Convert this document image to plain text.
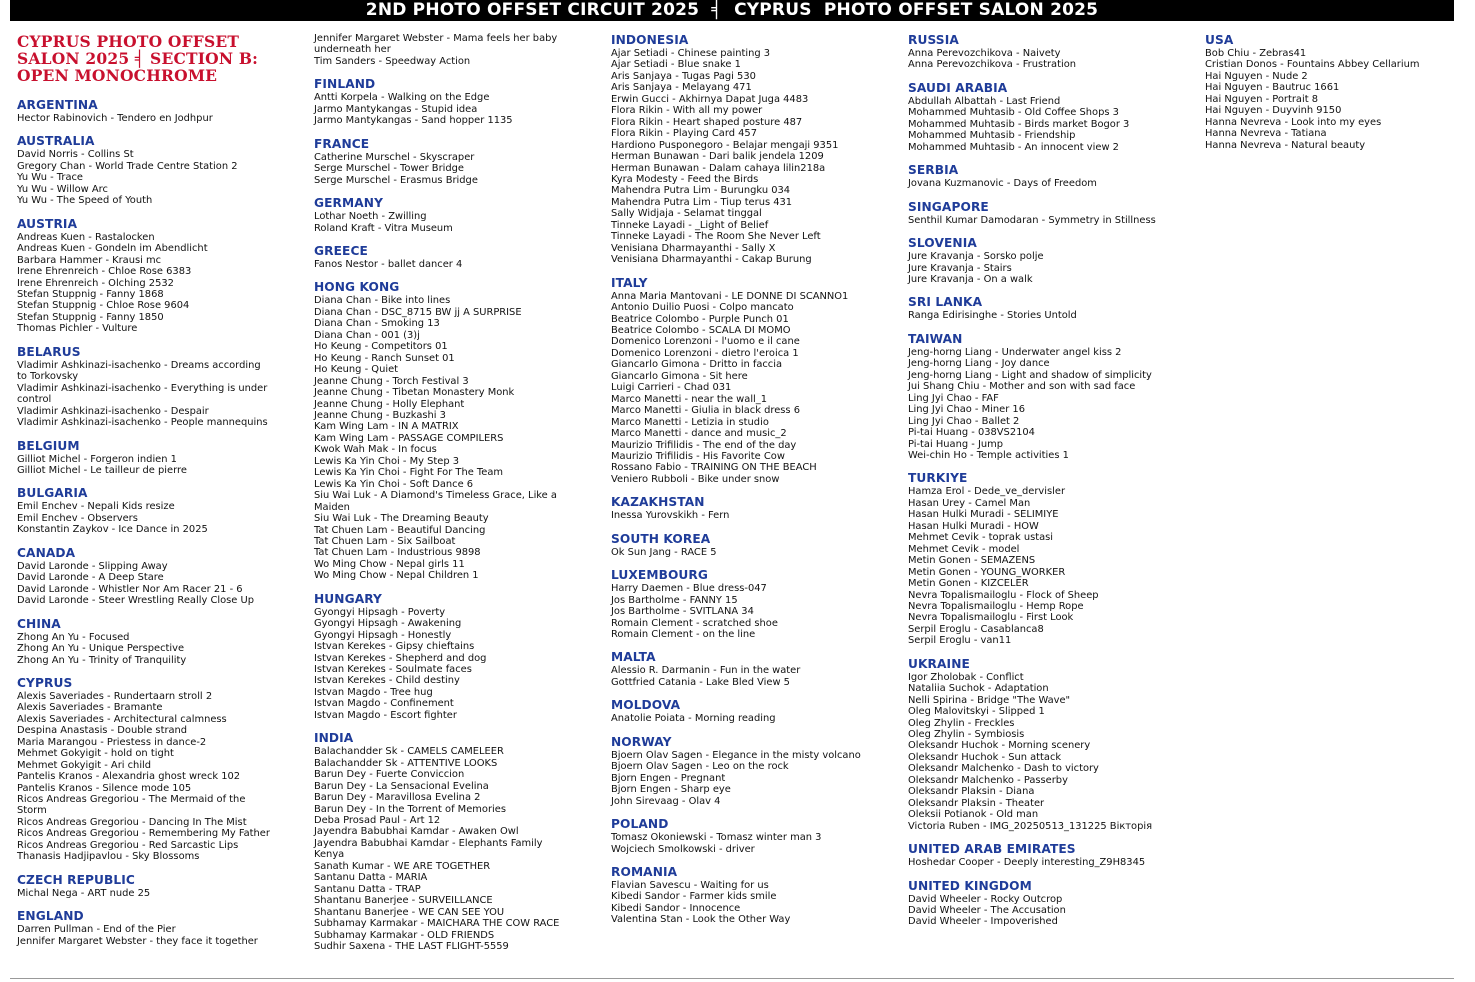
2ND PHOTO OFFSET CIRCUIT 2025  ╡  CYPRUS  PHOTO OFFSET SALON 2025
CYPRUS PHOTO OFFSET
SALON 2025 ╡ SECTION B:
OPEN MONOCHROME
ARGENTINA
Hector Rabinovich - Tendero en Jodhpur
AUSTRALIA
David Norris - Collins St
Gregory Chan - World Trade Centre Station 2
Yu Wu - Trace
Yu Wu - Willow Arc
Yu Wu - The Speed of Youth
AUSTRIA
Andreas Kuen - Rastalocken
Andreas Kuen - Gondeln im Abendlicht
Barbara Hammer - Krausi mc
Irene Ehrenreich - Chloe Rose 6383
Irene Ehrenreich - Olching 2532
Stefan Stuppnig - Fanny 1868
Stefan Stuppnig - Chloe Rose 9604
Stefan Stuppnig - Fanny 1850
Thomas Pichler - Vulture
BELARUS
Vladimir Ashkinazi-isachenko - Dreams according
to Torkovsky
Vladimir Ashkinazi-isachenko - Everything is under
control
Vladimir Ashkinazi-isachenko - Despair
Vladimir Ashkinazi-isachenko - People mannequins
BELGIUM
Gilliot Michel - Forgeron indien 1
Gilliot Michel - Le tailleur de pierre
BULGARIA
Emil Enchev - Nepali Kids resize
Emil Enchev - Observers
Konstantin Zaykov - Ice Dance in 2025
CANADA
David Laronde - Slipping Away
David Laronde - A Deep Stare
David Laronde - Whistler Nor Am Racer 21 - 6
David Laronde - Steer Wrestling Really Close Up
CHINA
Zhong An Yu - Focused
Zhong An Yu - Unique Perspective
Zhong An Yu - Trinity of Tranquility
CYPRUS
Alexis Saveriades - Rundertaarn stroll 2
Alexis Saveriades - Bramante
Alexis Saveriades - Architectural calmness
Despina Anastasis - Double strand
Maria Marangou - Priestess in dance-2
Mehmet Gokyigit - hold on tight
Mehmet Gokyigit - Ari child
Pantelis Kranos - Alexandria ghost wreck 102
Pantelis Kranos - Silence mode 105
Ricos Andreas Gregoriou - The Mermaid of the
Storm
Ricos Andreas Gregoriou - Dancing In The Mist
Ricos Andreas Gregoriou - Remembering My Father
Ricos Andreas Gregoriou - Red Sarcastic Lips
Thanasis Hadjipavlou - Sky Blossoms
CZECH REPUBLIC
Michal Nega - ART nude 25
ENGLAND
Darren Pullman - End of the Pier
Jennifer Margaret Webster - they face it together
Jennifer Margaret Webster - Mama feels her baby
underneath her
Tim Sanders - Speedway Action
FINLAND
Antti Korpela - Walking on the Edge
Jarmo Mantykangas - Stupid idea
Jarmo Mantykangas - Sand hopper 1135
FRANCE
Catherine Murschel - Skyscraper
Serge Murschel - Tower Bridge
Serge Murschel - Erasmus Bridge
GERMANY
Lothar Noeth - Zwilling
Roland Kraft - Vitra Museum
GREECE
Fanos Nestor - ballet dancer 4
HONG KONG
Diana Chan - Bike into lines
Diana Chan - DSC_8715 BW jj A SURPRISE
Diana Chan - Smoking 13
Diana Chan - 001 (3)j
Ho Keung - Competitors 01
Ho Keung - Ranch Sunset 01
Ho Keung - Quiet
Jeanne Chung - Torch Festival 3
Jeanne Chung - Tibetan Monastery Monk
Jeanne Chung - Holly Elephant
Jeanne Chung - Buzkashi 3
Kam Wing Lam - IN A MATRIX
Kam Wing Lam - PASSAGE COMPILERS
Kwok Wah Mak - In focus
Lewis Ka Yin Choi - My Step 3
Lewis Ka Yin Choi - Fight For The Team
Lewis Ka Yin Choi - Soft Dance 6
Siu Wai Luk - A Diamond's Timeless Grace, Like a
Maiden
Siu Wai Luk - The Dreaming Beauty
Tat Chuen Lam - Beautiful Dancing
Tat Chuen Lam - Six Sailboat
Tat Chuen Lam - Industrious 9898
Wo Ming Chow - Nepal girls 11
Wo Ming Chow - Nepal Children 1
HUNGARY
Gyongyi Hipsagh - Poverty
Gyongyi Hipsagh - Awakening
Gyongyi Hipsagh - Honestly
Istvan Kerekes - Gipsy chieftains
Istvan Kerekes - Shepherd and dog
Istvan Kerekes - Soulmate faces
Istvan Kerekes - Child destiny
Istvan Magdo - Tree hug
Istvan Magdo - Confinement
Istvan Magdo - Escort fighter
INDIA
Balachandder Sk - CAMELS CAMELEER
Balachandder Sk - ATTENTIVE LOOKS
Barun Dey - Fuerte Conviccion
Barun Dey - La Sensacional Evelina
Barun Dey - Maravillosa Evelina 2
Barun Dey - In the Torrent of Memories
Deba Prosad Paul - Art 12
Jayendra Babubhai Kamdar - Awaken Owl
Jayendra Babubhai Kamdar - Elephants Family
Kenya
Sanath Kumar - WE ARE TOGETHER
Santanu Datta - MARIA
Santanu Datta - TRAP
Shantanu Banerjee - SURVEILLANCE
Shantanu Banerjee - WE CAN SEE YOU
Subhamay Karmakar - MAICHARA THE COW RACE
Subhamay Karmakar - OLD FRIENDS
Sudhir Saxena - THE LAST FLIGHT-5559
INDONESIA
Ajar Setiadi - Chinese painting 3
Ajar Setiadi - Blue snake 1
Aris Sanjaya - Tugas Pagi 530
Aris Sanjaya - Melayang 471
Erwin Gucci - Akhirnya Dapat Juga 4483
Flora Rikin - With all my power
Flora Rikin - Heart shaped posture 487
Flora Rikin - Playing Card 457
Hardiono Pusponegoro - Belajar mengaji 9351
Herman Bunawan - Dari balik jendela 1209
Herman Bunawan - Dalam cahaya lilin218a
Kyra Modesty - Feed the Birds
Mahendra Putra Lim - Burungku 034
Mahendra Putra Lim - Tiup terus 431
Sally Widjaja - Selamat tinggal
Tinneke Layadi - _Light of Belief
Tinneke Layadi - The Room She Never Left
Venisiana Dharmayanthi - Sally X
Venisiana Dharmayanthi - Cakap Burung
ITALY
Anna Maria Mantovani - LE DONNE DI SCANNO1
Antonio Duilio Puosi - Colpo mancato
Beatrice Colombo - Purple Punch 01
Beatrice Colombo - SCALA DI MOMO
Domenico Lorenzoni - l'uomo e il cane
Domenico Lorenzoni - dietro l'eroica 1
Giancarlo Gimona - Dritto in faccia
Giancarlo Gimona - Sit here
Luigi Carrieri - Chad 031
Marco Manetti - near the wall_1
Marco Manetti - Giulia in black dress 6
Marco Manetti - Letizia in studio
Marco Manetti - dance and music_2
Maurizio Trifilidis - The end of the day
Maurizio Trifilidis - His Favorite Cow
Rossano Fabio - TRAINING ON THE BEACH
Veniero Rubboli - Bike under snow
KAZAKHSTAN
Inessa Yurovskikh - Fern
SOUTH KOREA
Ok Sun Jang - RACE 5
LUXEMBOURG
Harry Daemen - Blue dress-047
Jos Bartholme - FANNY 15
Jos Bartholme - SVITLANA 34
Romain Clement - scratched shoe
Romain Clement - on the line
MALTA
Alessio R. Darmanin - Fun in the water
Gottfried Catania - Lake Bled View 5
MOLDOVA
Anatolie Poiata - Morning reading
NORWAY
Bjoern Olav Sagen - Elegance in the misty volcano
Bjoern Olav Sagen - Leo on the rock
Bjorn Engen - Pregnant
Bjorn Engen - Sharp eye
John Sirevaag - Olav 4
POLAND
Tomasz Okoniewski - Tomasz winter man 3
Wojciech Smolkowski - driver
ROMANIA
Flavian Savescu - Waiting for us
Kibedi Sandor - Farmer kids smile
Kibedi Sandor - Innocence
Valentina Stan - Look the Other Way
RUSSIA
Anna Perevozchikova - Naivety
Anna Perevozchikova - Frustration
SAUDI ARABIA
Abdullah Albattah - Last Friend
Mohammed Muhtasib - Old Coffee Shops 3
Mohammed Muhtasib - Birds market Bogor 3
Mohammed Muhtasib - Friendship
Mohammed Muhtasib - An innocent view 2
SERBIA
Jovana Kuzmanovic - Days of Freedom
SINGAPORE
Senthil Kumar Damodaran - Symmetry in Stillness
SLOVENIA
Jure Kravanja - Sorsko polje
Jure Kravanja - Stairs
Jure Kravanja - On a walk
SRI LANKA
Ranga Edirisinghe - Stories Untold
TAIWAN
Jeng-horng Liang - Underwater angel kiss 2
Jeng-horng Liang - Joy dance
Jeng-horng Liang - Light and shadow of simplicity
Jui Shang Chiu - Mother and son with sad face
Ling Jyi Chao - FAF
Ling Jyi Chao - Miner 16
Ling Jyi Chao - Ballet 2
Pi-tai Huang - 038VS2104
Pi-tai Huang - Jump
Wei-chin Ho - Temple activities 1
TURKIYE
Hamza Erol - Dede_ve_dervisler
Hasan Urey - Camel Man
Hasan Hulki Muradi - SELIMIYE
Hasan Hulki Muradi - HOW
Mehmet Cevik - toprak ustasi
Mehmet Cevik - model
Metin Gonen - SEMAZENS
Metin Gonen - YOUNG_WORKER
Metin Gonen - KIZCELER
Nevra Topalismailoglu - Flock of Sheep
Nevra Topalismailoglu - Hemp Rope
Nevra Topalismailoglu - First Look
Serpil Eroglu - Casablanca8
Serpil Eroglu - van11
UKRAINE
Igor Zholobak - Conflict
Nataliia Suchok - Adaptation
Nelli Spirina - Bridge "The Wave"
Oleg Malovitskyi - Slipped 1
Oleg Zhylin - Freckles
Oleg Zhylin - Symbiosis
Oleksandr Huchok - Morning scenery
Oleksandr Huchok - Sun attack
Oleksandr Malchenko - Dash to victory
Oleksandr Malchenko - Passerby
Oleksandr Plaksin - Diana
Oleksandr Plaksin - Theater
Oleksii Potianok - Old man
Victoria Ruben - IMG_20250513_131225 Вікторія
UNITED ARAB EMIRATES
Hoshedar Cooper - Deeply interesting_Z9H8345
UNITED KINGDOM
David Wheeler - Rocky Outcrop
David Wheeler - The Accusation
David Wheeler - Impoverished
USA
Bob Chiu - Zebras41
Cristian Donos - Fountains Abbey Cellarium
Hai Nguyen - Nude 2
Hai Nguyen - Bautruc 1661
Hai Nguyen - Portrait 8
Hai Nguyen - Duyvinh 9150
Hanna Nevreva - Look into my eyes
Hanna Nevreva - Tatiana
Hanna Nevreva - Natural beauty
